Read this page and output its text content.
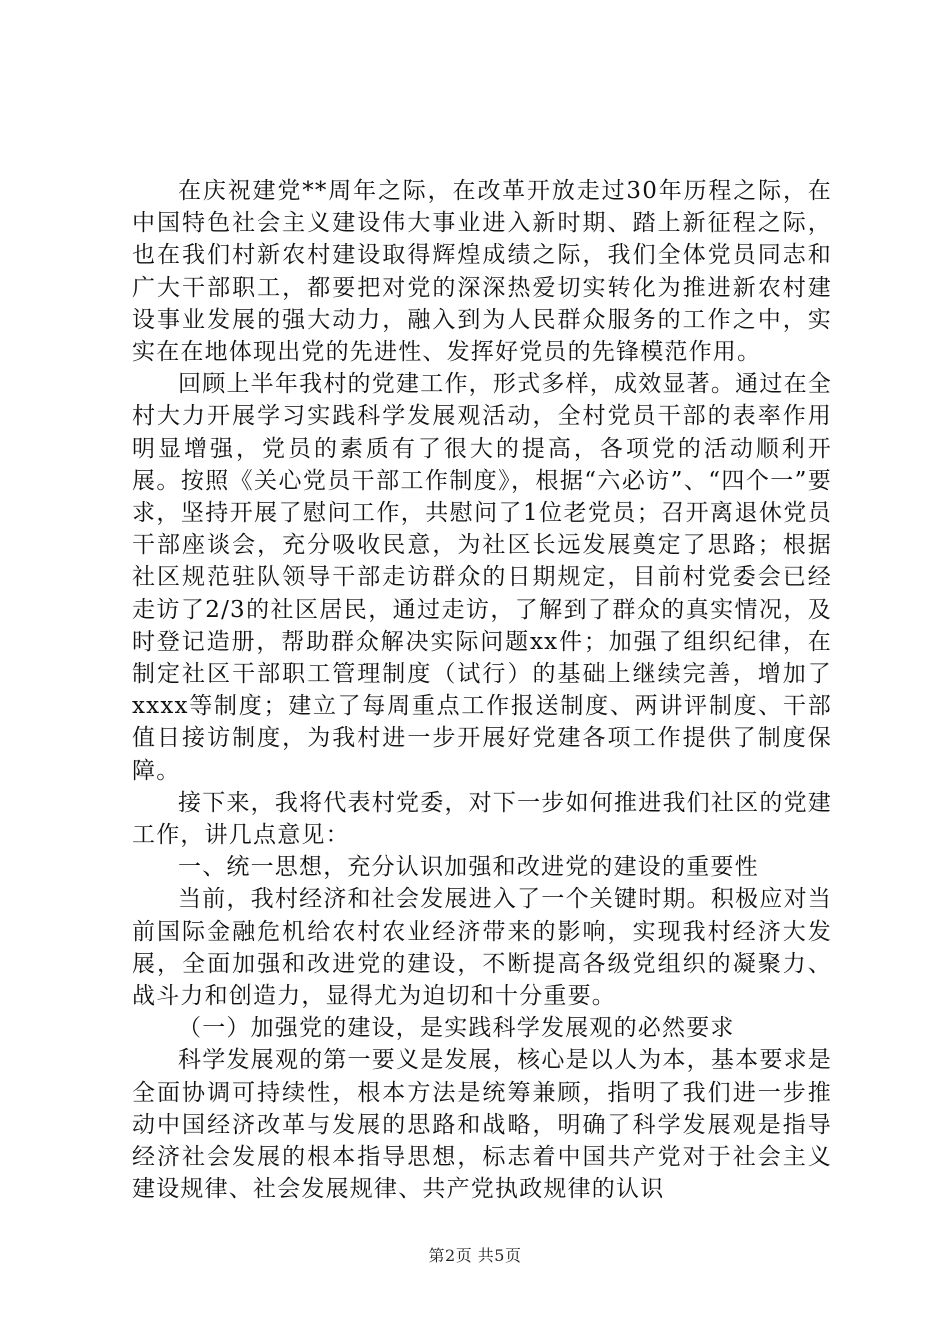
在庆祝建党**周年之际，在改革开放走过30年历程之际，在中国特色社会主义建设伟大事业进入新时期、踏上新征程之际，也在我们村新农村建设取得辉煌成绩之际，我们全体党员同志和广大干部职工，都要把对党的深深热爱切实转化为推进新农村建设事业发展的强大动力，融入到为人民群众服务的工作之中，实实在在地体现出党的先进性、发挥好党员的先锋模范作用。

回顾上半年我村的党建工作，形式多样，成效显著。通过在全村大力开展学习实践科学发展观活动，全村党员干部的表率作用明显增强，党员的素质有了很大的提高，各项党的活动顺利开展。按照《关心党员干部工作制度》，根据“六必访”、“四个一”要求，坚持开展了慰问工作，共慰问了1位老党员；召开离退休党员干部座谈会，充分吸收民意，为社区长远发展奠定了思路；根据社区规范驻队领导干部走访群众的日期规定，目前村党委会已经走访了2/3的社区居民，通过走访，了解到了群众的真实情况，及时登记造册，帮助群众解决实际问题xx件；加强了组织纪律，在制定社区干部职工管理制度（试行）的基础上继续完善，增加了xxxx等制度；建立了每周重点工作报送制度、两讲评制度、干部值日接访制度，为我村进一步开展好党建各项工作提供了制度保障。

接下来，我将代表村党委，对下一步如何推进我们社区的党建工作，讲几点意见：

一、统一思想，充分认识加强和改进党的建设的重要性

当前，我村经济和社会发展进入了一个关键时期。积极应对当前国际金融危机给农村农业经济带来的影响，实现我村经济大发展，全面加强和改进党的建设，不断提高各级党组织的凝聚力、战斗力和创造力，显得尤为迫切和十分重要。

（一）加强党的建设，是实践科学发展观的必然要求

科学发展观的第一要义是发展，核心是以人为本，基本要求是全面协调可持续性，根本方法是统筹兼顾，指明了我们进一步推动中国经济改革与发展的思路和战略，明确了科学发展观是指导经济社会发展的根本指导思想，标志着中国共产党对于社会主义建设规律、社会发展规律、共产党执政规律的认识

第2页 共5页
